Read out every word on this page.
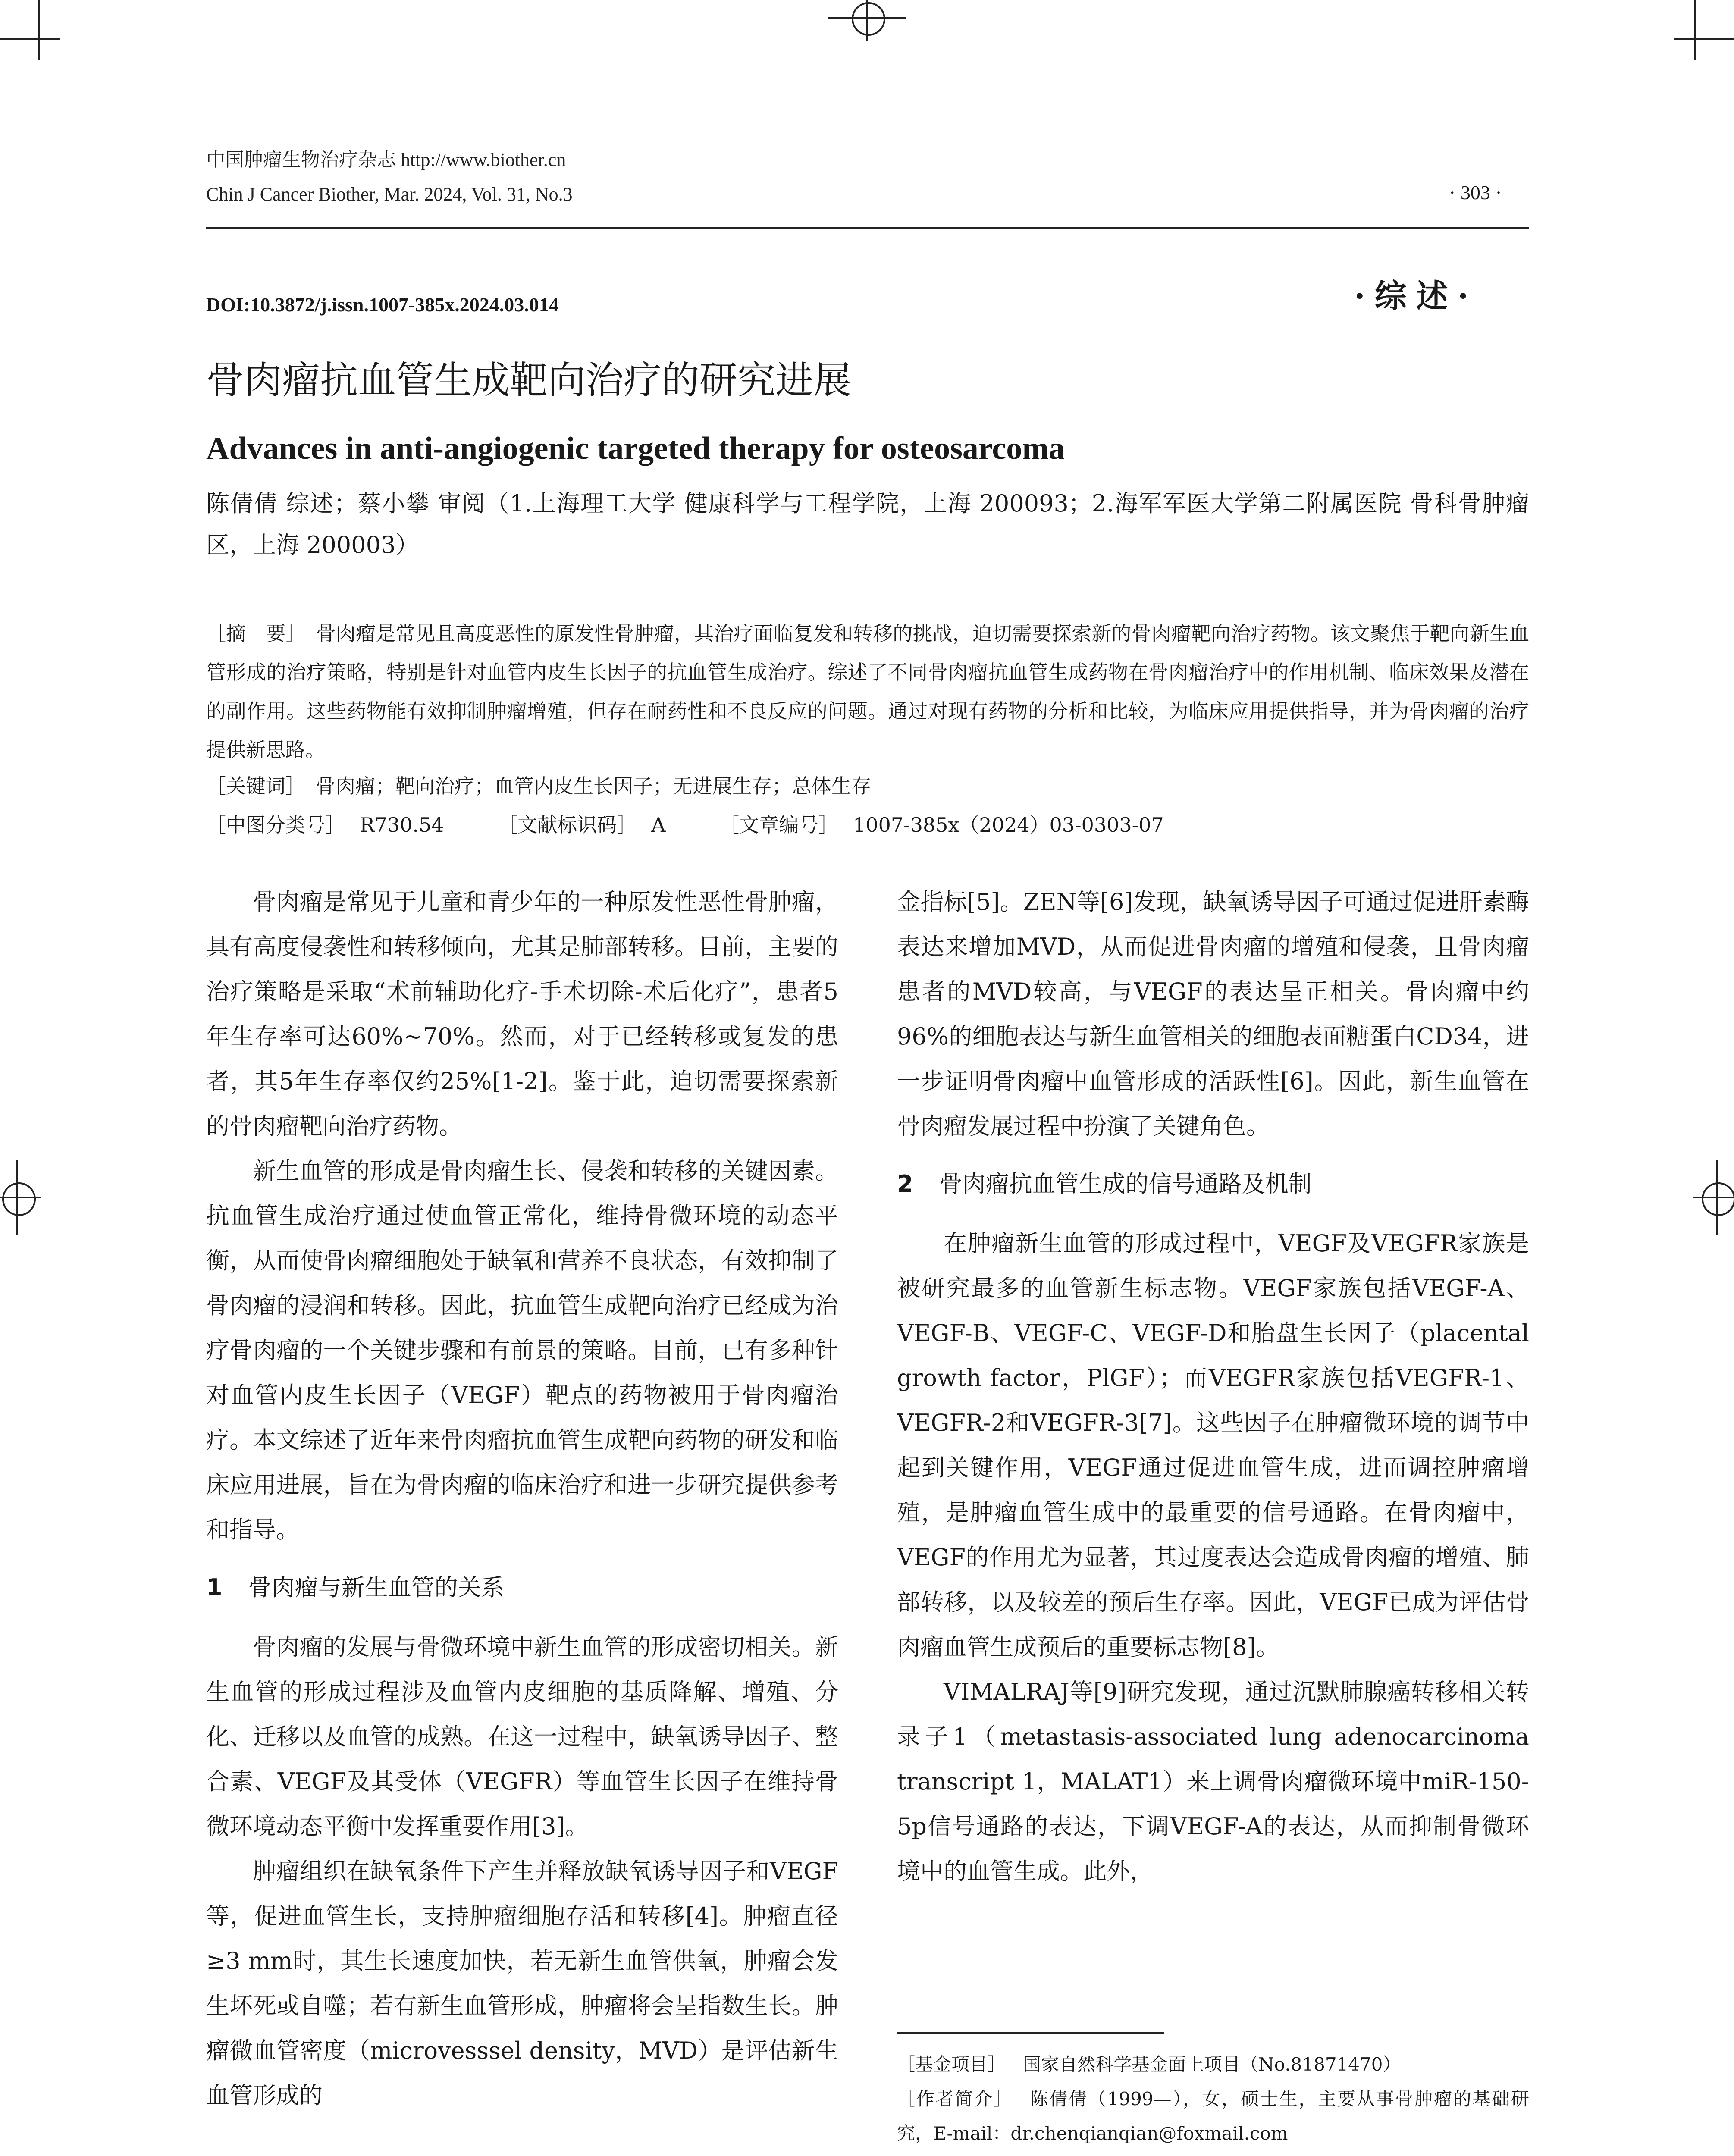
中国肿瘤生物治疗杂志 http://www.biother.cn
Chin J Cancer Biother, Mar. 2024, Vol. 31, No.3	· 303 ·
DOI:10.3872/j.issn.1007-385x.2024.03.014	·综述·
骨肉瘤抗血管生成靶向治疗的研究进展
Advances in anti-angiogenic targeted therapy for osteosarcoma
陈倩倩 综述；蔡小攀 审阅（1.上海理工大学 健康科学与工程学院，上海 200093；2.海军军医大学第二附属医院 骨科骨肿瘤区，上海 200003）
［摘　要］ 骨肉瘤是常见且高度恶性的原发性骨肿瘤，其治疗面临复发和转移的挑战，迫切需要探索新的骨肉瘤靶向治疗药物。该文聚焦于靶向新生血管形成的治疗策略，特别是针对血管内皮生长因子的抗血管生成治疗。综述了不同骨肉瘤抗血管生成药物在骨肉瘤治疗中的作用机制、临床效果及潜在的副作用。这些药物能有效抑制肿瘤增殖，但存在耐药性和不良反应的问题。通过对现有药物的分析和比较，为临床应用提供指导，并为骨肉瘤的治疗提供新思路。
［关键词］ 骨肉瘤；靶向治疗；血管内皮生长因子；无进展生存；总体生存
［中图分类号］ R730.54	［文献标识码］ A	［文章编号］ 1007-385x（2024）03-0303-07

骨肉瘤是常见于儿童和青少年的一种原发性恶性骨肿瘤，具有高度侵袭性和转移倾向，尤其是肺部转移。目前，主要的治疗策略是采取“术前辅助化疗-手术切除-术后化疗”，患者5年生存率可达60%~70%。然而，对于已经转移或复发的患者，其5年生存率仅约25%[1-2]。鉴于此，迫切需要探索新的骨肉瘤靶向治疗药物。

新生血管的形成是骨肉瘤生长、侵袭和转移的关键因素。抗血管生成治疗通过使血管正常化，维持骨微环境的动态平衡，从而使骨肉瘤细胞处于缺氧和营养不良状态，有效抑制了骨肉瘤的浸润和转移。因此，抗血管生成靶向治疗已经成为治疗骨肉瘤的一个关键步骤和有前景的策略。目前，已有多种针对血管内皮生长因子（VEGF）靶点的药物被用于骨肉瘤治疗。本文综述了近年来骨肉瘤抗血管生成靶向药物的研发和临床应用进展，旨在为骨肉瘤的临床治疗和进一步研究提供参考和指导。

1 骨肉瘤与新生血管的关系

骨肉瘤的发展与骨微环境中新生血管的形成密切相关。新生血管的形成过程涉及血管内皮细胞的基质降解、增殖、分化、迁移以及血管的成熟。在这一过程中，缺氧诱导因子、整合素、VEGF及其受体（VEGFR）等血管生长因子在维持骨微环境动态平衡中发挥重要作用[3]。

肿瘤组织在缺氧条件下产生并释放缺氧诱导因子和VEGF等，促进血管生长，支持肿瘤细胞存活和转移[4]。肿瘤直径≥3 mm时，其生长速度加快，若无新生血管供氧，肿瘤会发生坏死或自噬；若有新生血管形成，肿瘤将会呈指数生长。肿瘤微血管密度（microvesssel density，MVD）是评估新生血管形成的

金指标[5]。ZEN等[6]发现，缺氧诱导因子可通过促进肝素酶表达来增加MVD，从而促进骨肉瘤的增殖和侵袭，且骨肉瘤患者的MVD较高，与VEGF的表达呈正相关。骨肉瘤中约96%的细胞表达与新生血管相关的细胞表面糖蛋白CD34，进一步证明骨肉瘤中血管形成的活跃性[6]。因此，新生血管在骨肉瘤发展过程中扮演了关键角色。

2 骨肉瘤抗血管生成的信号通路及机制

在肿瘤新生血管的形成过程中，VEGF及VEGFR家族是被研究最多的血管新生标志物。VEGF家族包括VEGF-A、VEGF-B、VEGF-C、VEGF-D和胎盘生长因子（placental growth factor，PlGF）；而VEGFR家族包括VEGFR-1、VEGFR-2和VEGFR-3[7]。这些因子在肿瘤微环境的调节中起到关键作用，VEGF通过促进血管生成，进而调控肿瘤增殖，是肿瘤血管生成中的最重要的信号通路。在骨肉瘤中，VEGF的作用尤为显著，其过度表达会造成骨肉瘤的增殖、肺部转移，以及较差的预后生存率。因此，VEGF已成为评估骨肉瘤血管生成预后的重要标志物[8]。

VIMALRAJ等[9]研究发现，通过沉默肺腺癌转移相关转录子1（metastasis-associated lung adenocarcinoma transcript 1，MALAT1）来上调骨肉瘤微环境中miR-150-5p信号通路的表达，下调VEGF-A的表达，从而抑制骨微环境中的血管生成。此外，

［基金项目］ 国家自然科学基金面上项目（No.81871470）
［作者简介］ 陈倩倩（1999—），女，硕士生，主要从事骨肿瘤的基础研究，E-mail：dr.chenqianqian@foxmail.com
